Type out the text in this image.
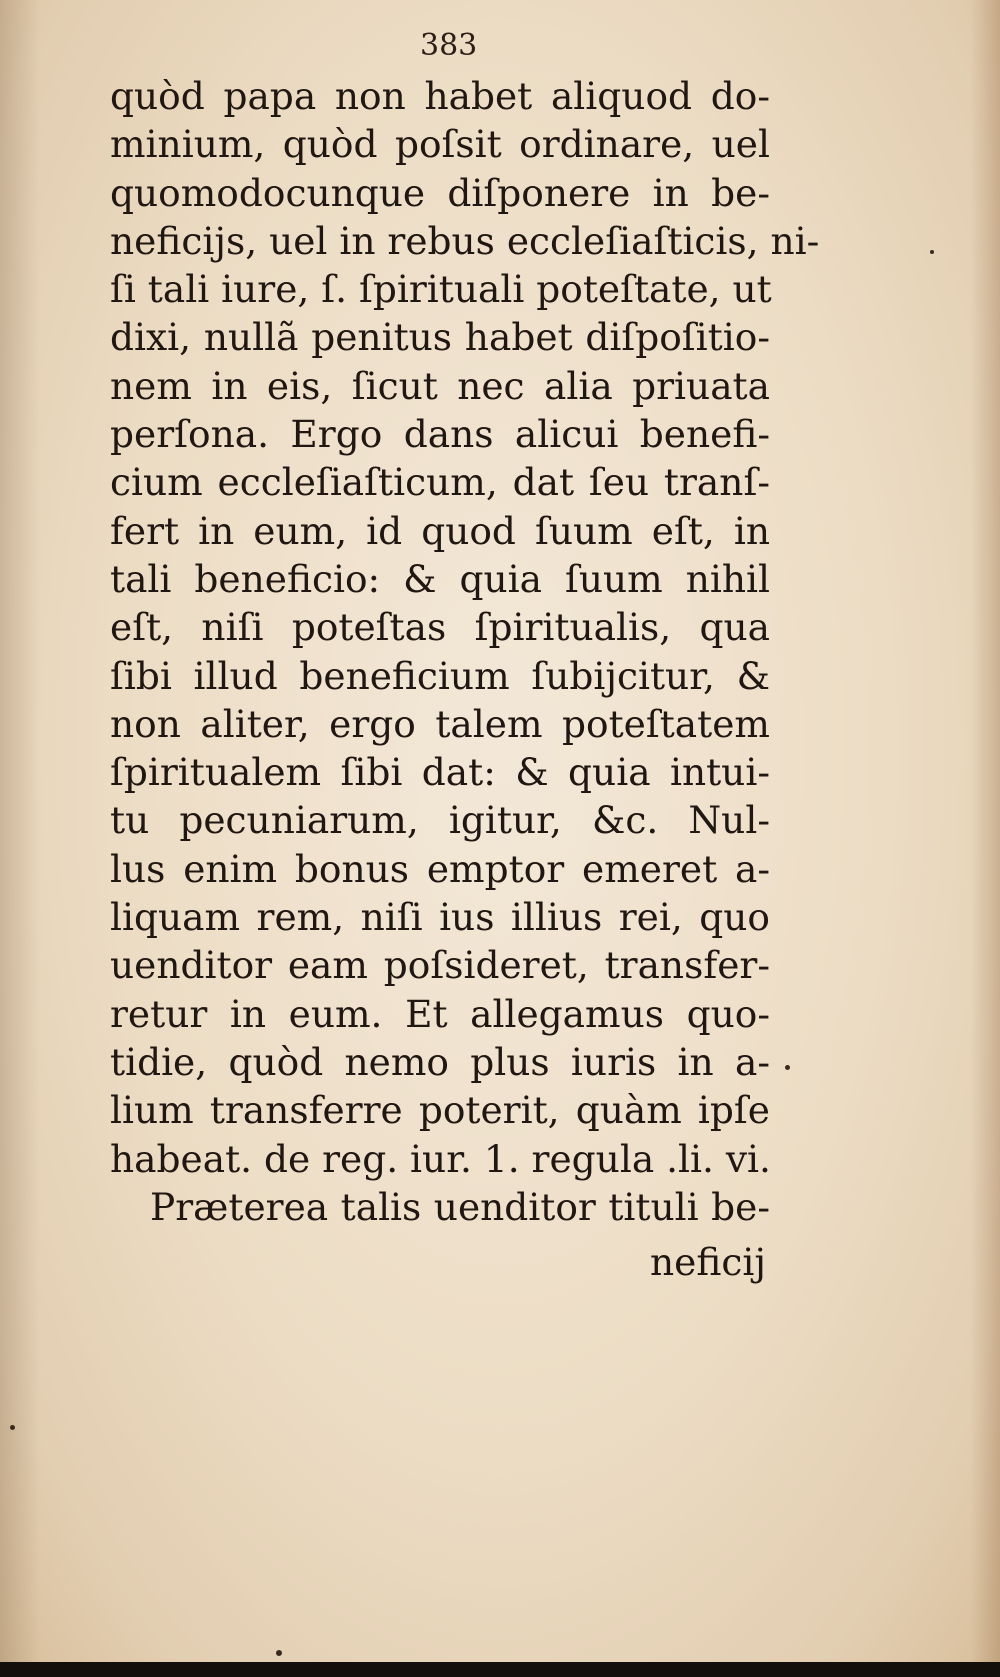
383
quòd papa non habet aliquod do-
minium, quòd poſsit ordinare, uel
quomodocunque diſponere in be-
neficijs, uel in rebus eccleſiaſticis, ni-
ſi tali iure, ſ. ſpirituali poteſtate, ut
dixi, nullã penitus habet diſpoſitio-
nem in eis, ſicut nec alia priuata
perſona. Ergo dans alicui benefi-
cium eccleſiaſticum, dat ſeu tranſ-
fert in eum, id quod ſuum eſt, in
tali beneficio: & quia ſuum nihil
eſt, niſi poteſtas ſpiritualis, qua
ſibi illud beneficium ſubijcitur, &
non aliter, ergo talem poteſtatem
ſpiritualem ſibi dat: & quia intui-
tu pecuniarum, igitur, &c. Nul-
lus enim bonus emptor emeret a-
liquam rem, niſi ius illius rei, quo
uenditor eam poſsideret, transfer-
retur in eum. Et allegamus quo-
tidie, quòd nemo plus iuris in a-
lium transferre poterit, quàm ipſe
habeat. de reg. iur. 1. regula .li. vi.
Præterea talis uenditor tituli be-
neficij
